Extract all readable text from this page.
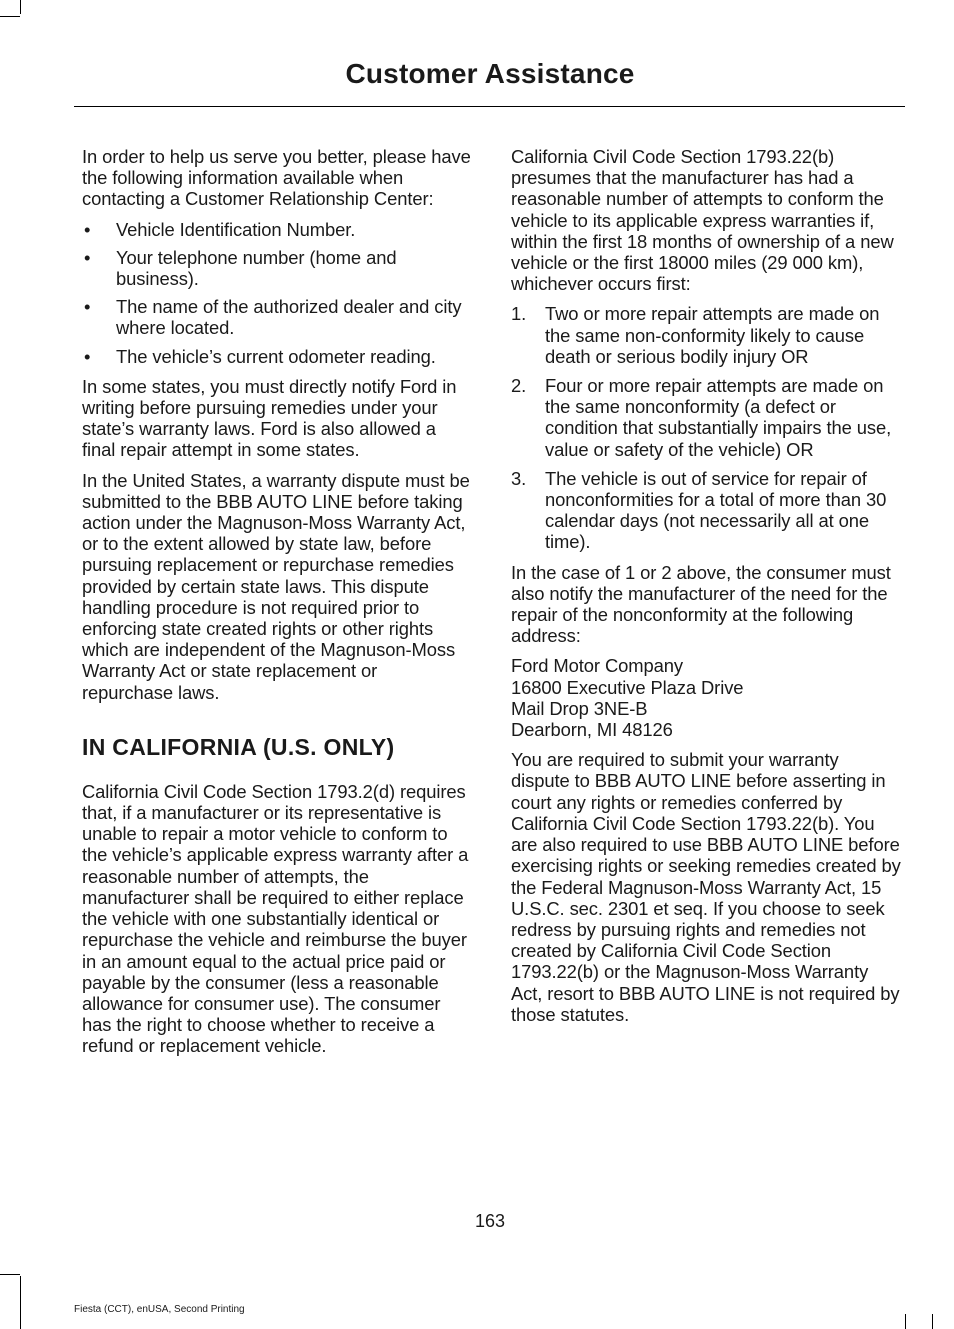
Customer Assistance

In order to help us serve you better, please have the following information available when contacting a Customer Relationship Center:

• Vehicle Identification Number.
• Your telephone number (home and business).
• The name of the authorized dealer and city where located.
• The vehicle’s current odometer reading.

In some states, you must directly notify Ford in writing before pursuing remedies under your state’s warranty laws. Ford is also allowed a final repair attempt in some states.

In the United States, a warranty dispute must be submitted to the BBB AUTO LINE before taking action under the Magnuson-Moss Warranty Act, or to the extent allowed by state law, before pursuing replacement or repurchase remedies provided by certain state laws. This dispute handling procedure is not required prior to enforcing state created rights or other rights which are independent of the Magnuson-Moss Warranty Act or state replacement or repurchase laws.

IN CALIFORNIA (U.S. ONLY)

California Civil Code Section 1793.2(d) requires that, if a manufacturer or its representative is unable to repair a motor vehicle to conform to the vehicle’s applicable express warranty after a reasonable number of attempts, the manufacturer shall be required to either replace the vehicle with one substantially identical or repurchase the vehicle and reimburse the buyer in an amount equal to the actual price paid or payable by the consumer (less a reasonable allowance for consumer use). The consumer has the right to choose whether to receive a refund or replacement vehicle.

California Civil Code Section 1793.22(b) presumes that the manufacturer has had a reasonable number of attempts to conform the vehicle to its applicable express warranties if, within the first 18 months of ownership of a new vehicle or the first 18000 miles (29 000 km), whichever occurs first:

1. Two or more repair attempts are made on the same non-conformity likely to cause death or serious bodily injury OR
2. Four or more repair attempts are made on the same nonconformity (a defect or condition that substantially impairs the use, value or safety of the vehicle) OR
3. The vehicle is out of service for repair of nonconformities for a total of more than 30 calendar days (not necessarily all at one time).

In the case of 1 or 2 above, the consumer must also notify the manufacturer of the need for the repair of the nonconformity at the following address:

Ford Motor Company
16800 Executive Plaza Drive
Mail Drop 3NE-B
Dearborn, MI 48126

You are required to submit your warranty dispute to BBB AUTO LINE before asserting in court any rights or remedies conferred by California Civil Code Section 1793.22(b). You are also required to use BBB AUTO LINE before exercising rights or seeking remedies created by the Federal Magnuson-Moss Warranty Act, 15 U.S.C. sec. 2301 et seq. If you choose to seek redress by pursuing rights and remedies not created by California Civil Code Section 1793.22(b) or the Magnuson-Moss Warranty Act, resort to BBB AUTO LINE is not required by those statutes.

163
Fiesta (CCT), enUSA, Second Printing
